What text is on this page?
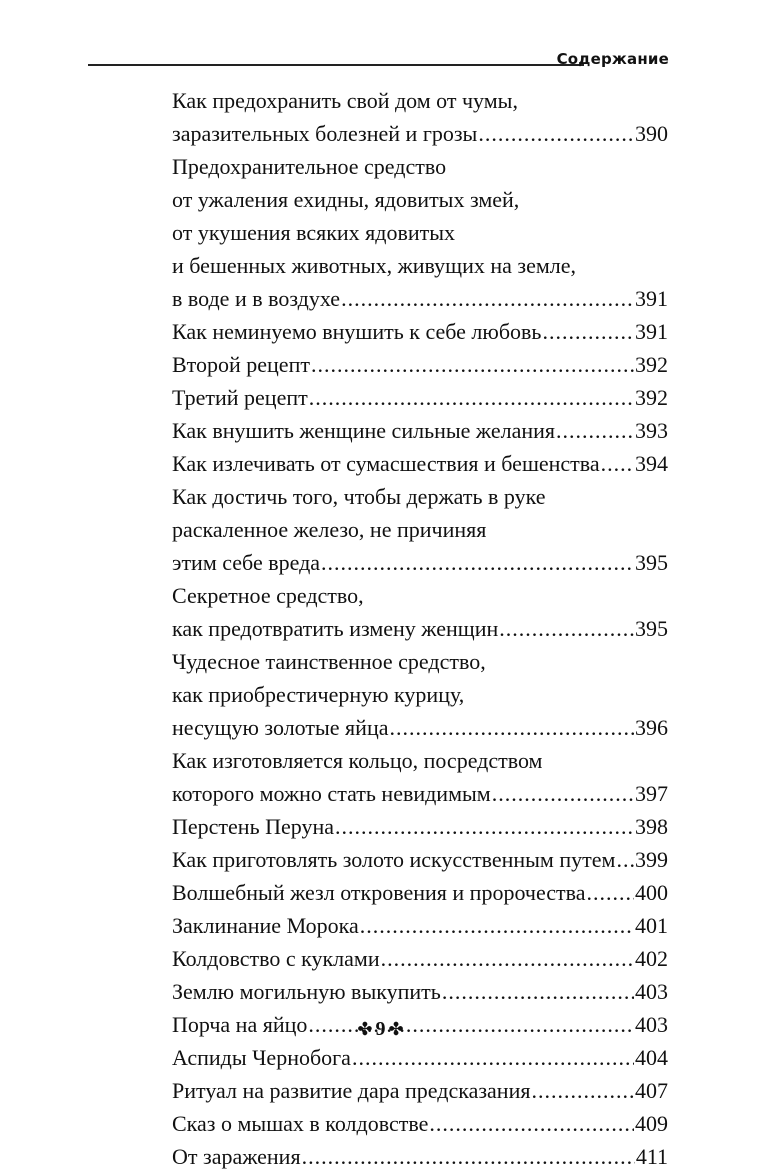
Содержание
Как предохранить свой дом от чумы,
заразительных болезней и грозы .....	390
Предохранительное средство
от ужаления ехидны, ядовитых змей,
от укушения всяких ядовитых
и бешенных животных, живущих на земле,
в воде и в воздухе .....	391
Как неминуемо внушить к себе любовь .....	391
Второй рецепт .....	392
Третий рецепт .....	392
Как внушить женщине сильные желания .....	393
Как излечивать от сумасшествия и бешенства ..... 394
Как достичь того, чтобы держать в руке
раскаленное железо, не причиняя
этим себе вреда .....	395
Секретное средство,
как предотвратить измену женщин .....	395
Чудесное таинственное средство,
как приобрестичерную курицу,
несущую золотые яйца .....	396
Как изготовляется кольцо, посредством
которого можно стать невидимым .....	397
Перстень Перуна .....	398
Как приготовлять золото искусственным путем ..... 399
Волшебный жезл откровения и пророчества ..... 400
Заклинание Морока .....	401
Колдовство с куклами .....	402
Землю могильную выкупить .....	403
Порча на яйцо .....	403
Аспиды Чернобога .....	404
Ритуал на развитие дара предсказания .....	407
Сказ о мышах в колдовстве .....	409
От заражения .....	411
✤ 9 ✤
